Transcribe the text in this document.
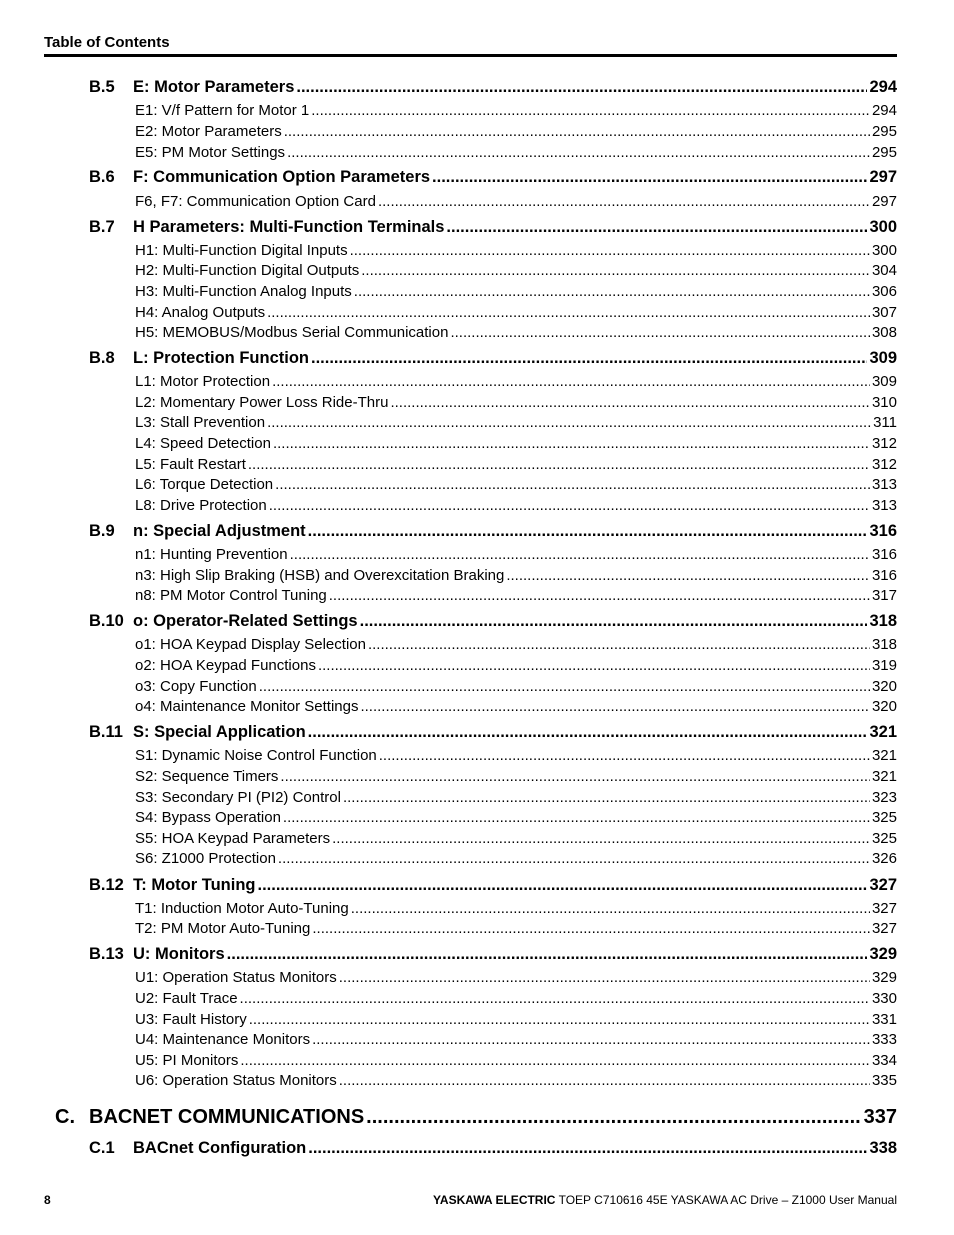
Table of Contents
B.5 E: Motor Parameters .....	294
E1: V/f Pattern for Motor 1 .....	294
E2: Motor Parameters .....	295
E5: PM Motor Settings .....	295
B.6 F: Communication Option Parameters .....	297
F6, F7: Communication Option Card .....	297
B.7 H Parameters: Multi-Function Terminals .....	300
H1: Multi-Function Digital Inputs .....	300
H2: Multi-Function Digital Outputs .....	304
H3: Multi-Function Analog Inputs .....	306
H4: Analog Outputs .....	307
H5: MEMOBUS/Modbus Serial Communication .....	308
B.8 L: Protection Function .....	309
L1: Motor Protection .....	309
L2: Momentary Power Loss Ride-Thru .....	310
L3: Stall Prevention .....	311
L4: Speed Detection .....	312
L5: Fault Restart .....	312
L6: Torque Detection .....	313
L8: Drive Protection .....	313
B.9 n: Special Adjustment .....	316
n1: Hunting Prevention .....	316
n3: High Slip Braking (HSB) and Overexcitation Braking .....	316
n8: PM Motor Control Tuning .....	317
B.10 o: Operator-Related Settings .....	318
o1: HOA Keypad Display Selection .....	318
o2: HOA Keypad Functions .....	319
o3: Copy Function .....	320
o4: Maintenance Monitor Settings .....	320
B.11 S: Special Application .....	321
S1: Dynamic Noise Control Function .....	321
S2: Sequence Timers .....	321
S3: Secondary PI (PI2) Control .....	323
S4: Bypass Operation .....	325
S5: HOA Keypad Parameters .....	325
S6: Z1000 Protection .....	326
B.12 T: Motor Tuning .....	327
T1: Induction Motor Auto-Tuning .....	327
T2: PM Motor Auto-Tuning .....	327
B.13 U: Monitors .....	329
U1: Operation Status Monitors .....	329
U2: Fault Trace .....	330
U3: Fault History .....	331
U4: Maintenance Monitors .....	333
U5: PI Monitors .....	334
U6: Operation Status Monitors .....	335
C. BACNET COMMUNICATIONS .....	337
C.1 BACnet Configuration .....	338
8	YASKAWA ELECTRIC TOEP C710616 45E YASKAWA AC Drive – Z1000 User Manual
